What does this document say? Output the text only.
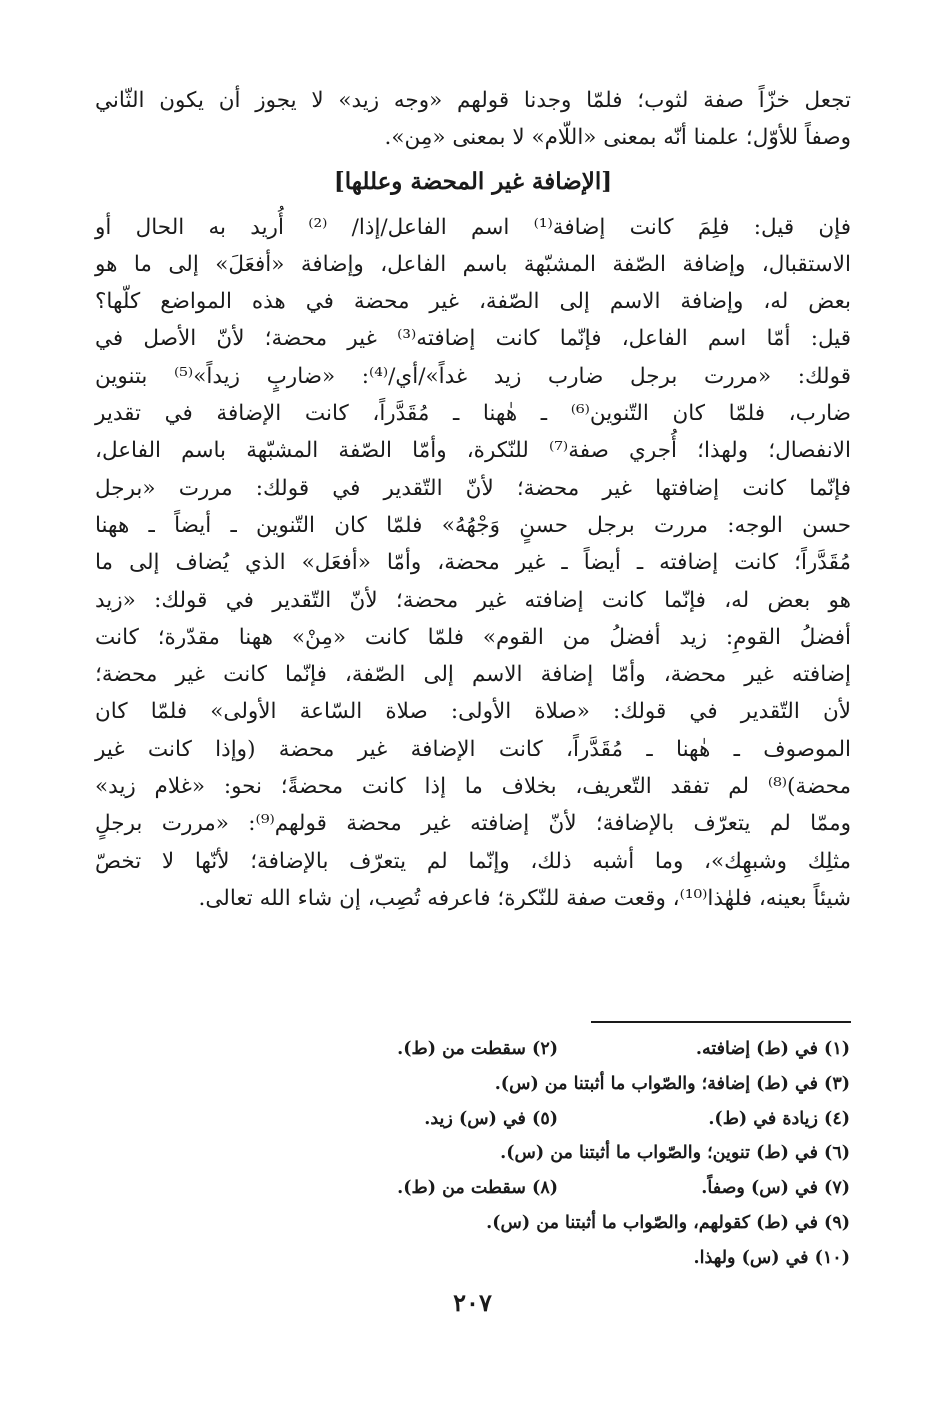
تجعل خزّاً صفة لثوب؛ فلمّا وجدنا قولهم «وجه زيد» لا يجوز أن يكون الثّاني
وصفاً للأوّل؛ علمنا أنّه بمعنى «اللّام» لا بمعنى «مِن».
[الإضافة غير المحضة وعللها]
فإن قيل: فلِمَ كانت إضافة⁽¹⁾ اسم الفاعل/إذا/ ⁽²⁾ أُريد به الحال أو
الاستقبال، وإضافة الصّفة المشبّهة باسم الفاعل، وإضافة «أفعَلَ» إلى ما هو
بعض له، وإضافة الاسم إلى الصّفة، غير محضة في هذه المواضع كلّها؟
قيل: أمّا اسم الفاعل، فإنّما كانت إضافته⁽³⁾ غير محضة؛ لأنّ الأصل في
قولك: «مررت برجل ضارب زيد غداً»/أي/⁽⁴⁾: «ضاربٍ زيداً»⁽⁵⁾ بتنوين
ضارب، فلمّا كان التّنوين⁽⁶⁾ ـ هٰهنا ـ مُقَدَّراً، كانت الإضافة في تقدير
الانفصال؛ ولهذا؛ أُجري صفة⁽⁷⁾ للنّكرة، وأمّا الصّفة المشبّهة باسم الفاعل،
فإنّما كانت إضافتها غير محضة؛ لأنّ التّقدير في قولك: مررت «برجل
حسن الوجه: مررت برجل حسنٍ وَجْهُهُ» فلمّا كان التّنوين ـ أيضاً ـ ههنا
مُقَدَّراً؛ كانت إضافته ـ أيضاً ـ غير محضة، وأمّا «أفعَل» الذي يُضاف إلى ما
هو بعض له، فإنّما كانت إضافته غير محضة؛ لأنّ التّقدير في قولك: «زيد
أفضلُ القومِ: زيد أفضلُ من القوم» فلمّا كانت «مِنْ» ههنا مقدّرة؛ كانت
إضافته غير محضة، وأمّا إضافة الاسم إلى الصّفة، فإنّما كانت غير محضة؛
لأن التّقدير في قولك: «صلاة الأولى: صلاة السّاعة الأولى» فلمّا كان
الموصوف ـ هٰهنا ـ مُقَدَّراً، كانت الإضافة غير محضة (وإذا كانت غير
محضة)⁽⁸⁾ لم تفقد التّعريف، بخلاف ما إذا كانت محضةً؛ نحو: «غلام زيد»
وممّا لم يتعرّف بالإضافة؛ لأنّ إضافته غير محضة قولهم⁽⁹⁾: «مررت برجلٍ
مثلِك وشبهِك»، وما أشبه ذلك، وإنّما لم يتعرّف بالإضافة؛ لأنّها لا تخصّ
شيئاً بعينه، فلهٰذا⁽¹⁰⁾، وقعت صفة للنّكرة؛ فاعرفه تُصِب، إن شاء الله تعالى.
(١) في (ط) إضافته.
(٢) سقطت من (ط).
(٣) في (ط) إضافة؛ والصّواب ما أثبتنا من (س).
(٤) زيادة في (ط).
(٥) في (س) زيد.
(٦) في (ط) تنوين؛ والصّواب ما أثبتنا من (س).
(٧) في (س) وصفاً.
(٨) سقطت من (ط).
(٩) في (ط) كقولهم، والصّواب ما أثبتنا من (س).
(١٠) في (س) ولهذا.
٢٠٧
